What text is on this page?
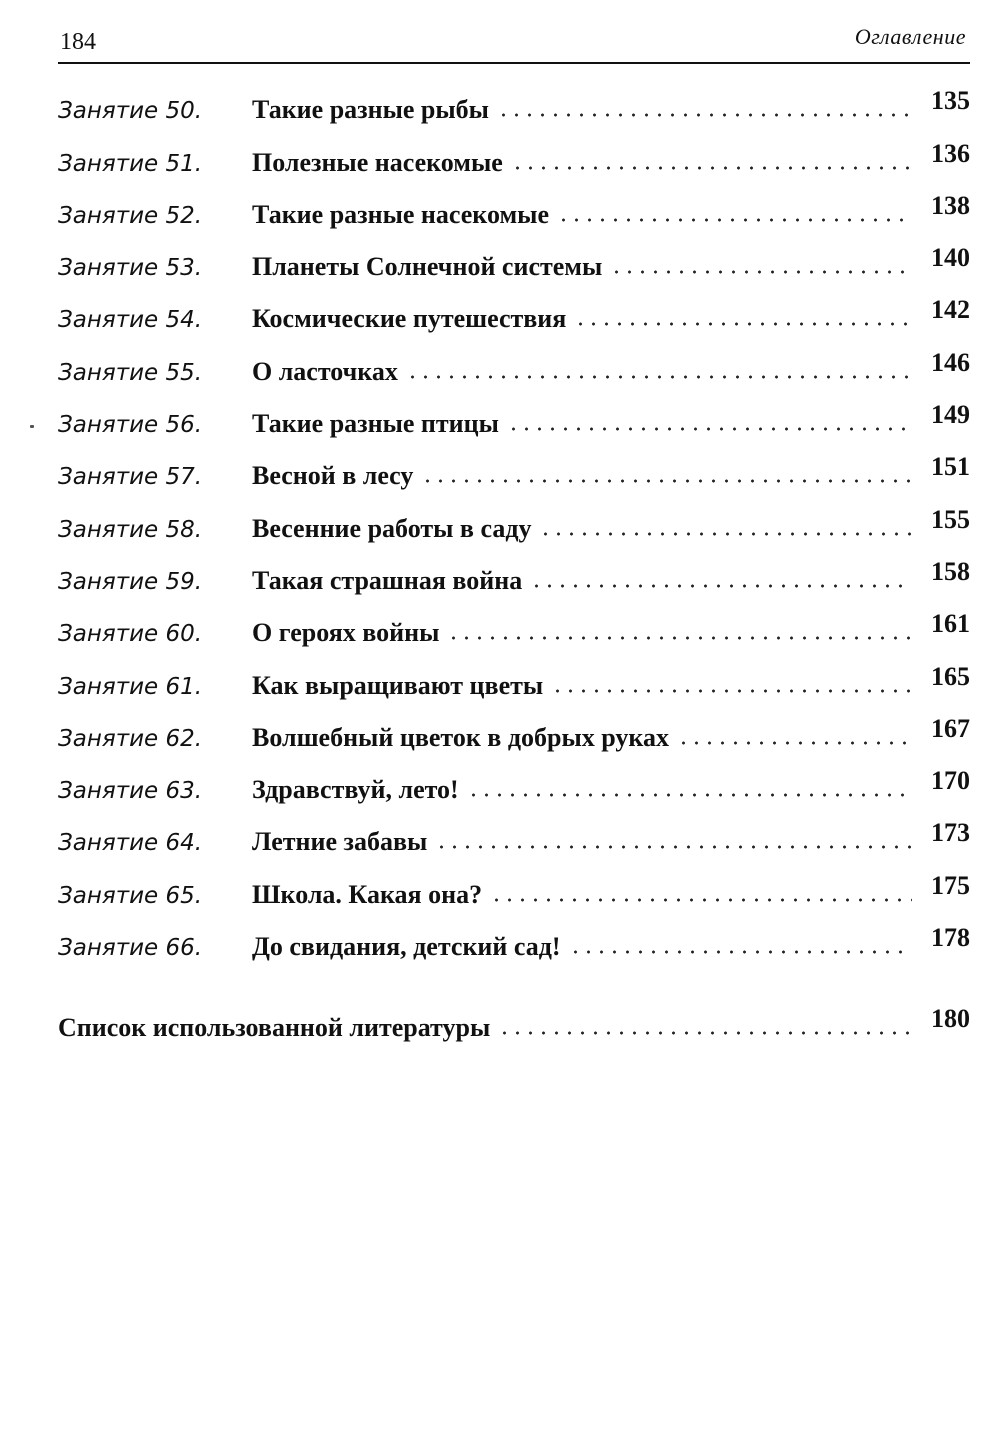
184	Оглавление
Занятие 50.	Такие разные рыбы	135
Занятие 51.	Полезные насекомые	136
Занятие 52.	Такие разные насекомые	138
Занятие 53.	Планеты Солнечной системы	140
Занятие 54.	Космические путешествия	142
Занятие 55.	О ласточках	146
Занятие 56.	Такие разные птицы	149
Занятие 57.	Весной в лесу	151
Занятие 58.	Весенние работы в саду	155
Занятие 59.	Такая страшная война	158
Занятие 60.	О героях войны	161
Занятие 61.	Как выращивают цветы	165
Занятие 62.	Волшебный цветок в добрых руках	167
Занятие 63.	Здравствуй, лето!	170
Занятие 64.	Летние забавы	173
Занятие 65.	Школа. Какая она?	175
Занятие 66.	До свидания, детский сад!	178
Список использованной литературы	180
